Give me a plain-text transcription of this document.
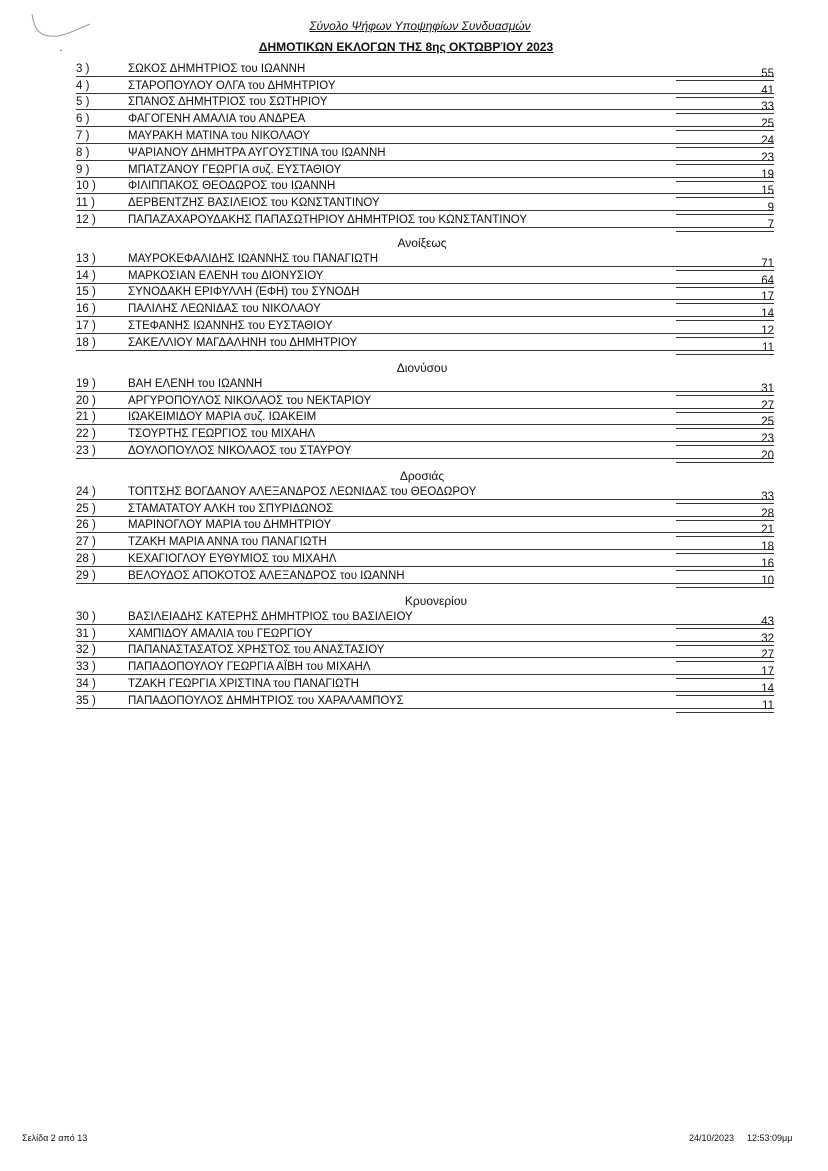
Σύνολο Ψήφων Υποψηφίων Συνδυασμών
ΔΗΜΟΤΙΚΩΝ ΕΚΛΟΓΩΝ ΤΗΣ 8ης ΟΚΤΩΒΡΊΟΥ 2023
3 )	ΣΩΚΟΣ ΔΗΜΗΤΡΙΟΣ του ΙΩΑΝΝΗ	55
4 )	ΣΤΑΡΟΠΟΥΛΟΥ ΟΛΓΑ του ΔΗΜΗΤΡΙΟΥ	41
5 )	ΣΠΑΝΟΣ ΔΗΜΗΤΡΙΟΣ του ΣΩΤΗΡΙΟΥ	33
6 )	ΦΑΓΟΓΕΝΗ ΑΜΑΛΙΑ του ΑΝΔΡΕΑ	25
7 )	ΜΑΥΡΑΚΗ ΜΑΤΙΝΑ του ΝΙΚΟΛΑΟΥ	24
8 )	ΨΑΡΙΑΝΟΥ ΔΗΜΗΤΡΑ ΑΥΓΟΥΣΤΙΝΑ του ΙΩΑΝΝΗ	23
9 )	ΜΠΑΤΖΑΝΟΥ ΓΕΩΡΓΙΑ συζ. ΕΥΣΤΑΘΙΟΥ	19
10 )	ΦΙΛΙΠΠΑΚΟΣ ΘΕΟΔΩΡΟΣ του ΙΩΑΝΝΗ	15
11 )	ΔΕΡΒΕΝΤΖΗΣ ΒΑΣΙΛΕΙΟΣ του ΚΩΝΣΤΑΝΤΙΝΟΥ	9
12 )	ΠΑΠΑΖΑΧΑΡΟΥΔΑΚΗΣ ΠΑΠΑΣΩΤΗΡΙΟΥ ΔΗΜΗΤΡΙΟΣ του ΚΩΝΣΤΑΝΤΙΝΟΥ	7
Ανοίξεως
13 )	ΜΑΥΡΟΚΕΦΑΛΙΔΗΣ ΙΩΑΝΝΗΣ του ΠΑΝΑΓΙΩΤΗ	71
14 )	ΜΑΡΚΟΣΙΑΝ ΕΛΕΝΗ του ΔΙΟΝΥΣΙΟΥ	64
15 )	ΣΥΝΟΔΑΚΗ ΕΡΙΦΥΛΛΗ (ΕΦΗ) του ΣΥΝΟΔΗ	17
16 )	ΠΑΛΙΛΗΣ ΛΕΩΝΙΔΑΣ του ΝΙΚΟΛΑΟΥ	14
17 )	ΣΤΕΦΑΝΗΣ ΙΩΑΝΝΗΣ του ΕΥΣΤΑΘΙΟΥ	12
18 )	ΣΑΚΕΛΛΙΟΥ ΜΑΓΔΑΛΗΝΗ του ΔΗΜΗΤΡΙΟΥ	11
Διονύσου
19 )	ΒΑΗ ΕΛΕΝΗ του ΙΩΑΝΝΗ	31
20 )	ΑΡΓΥΡΟΠΟΥΛΟΣ ΝΙΚΟΛΑΟΣ του ΝΕΚΤΑΡΙΟΥ	27
21 )	ΙΩΑΚΕΙΜΙΔΟΥ ΜΑΡΙΑ συζ. ΙΩΑΚΕΙΜ	25
22 )	ΤΣΟΥΡΤΗΣ ΓΕΩΡΓΙΟΣ του ΜΙΧΑΗΛ	23
23 )	ΔΟΥΛΟΠΟΥΛΟΣ ΝΙΚΟΛΑΟΣ του ΣΤΑΥΡΟΥ	20
Δροσιάς
24 )	ΤΟΠΤΣΗΣ ΒΟΓΔΑΝΟΥ ΑΛΕΞΑΝΔΡΟΣ ΛΕΩΝΙΔΑΣ του ΘΕΟΔΩΡΟΥ	33
25 )	ΣΤΑΜΑΤΑΤΟΥ ΑΛΚΗ του ΣΠΥΡΙΔΩΝΟΣ	28
26 )	ΜΑΡΙΝΟΓΛΟΥ ΜΑΡΙΑ του ΔΗΜΗΤΡΙΟΥ	21
27 )	ΤΖΑΚΗ ΜΑΡΙΑ ΑΝΝΑ του ΠΑΝΑΓΙΩΤΗ	18
28 )	ΚΕΧΑΓΙΟΓΛΟΥ ΕΥΘΥΜΙΟΣ του ΜΙΧΑΗΛ	16
29 )	ΒΕΛΟΥΔΟΣ ΑΠΟΚΟΤΟΣ ΑΛΕΞΑΝΔΡΟΣ του ΙΩΑΝΝΗ	10
Κρυονερίου
30 )	ΒΑΣΙΛΕΙΑΔΗΣ ΚΑΤΕΡΗΣ ΔΗΜΗΤΡΙΟΣ του ΒΑΣΙΛΕΙΟΥ	43
31 )	ΧΑΜΠΙΔΟΥ ΑΜΑΛΙΑ του ΓΕΩΡΓΙΟΥ	32
32 )	ΠΑΠΑΝΑΣΤΑΣΑΤΟΣ ΧΡΗΣΤΟΣ του ΑΝΑΣΤΑΣΙΟΥ	27
33 )	ΠΑΠΑΔΟΠΟΥΛΟΥ ΓΕΩΡΓΙΑ ΑΪΒΗ του ΜΙΧΑΗΛ	17
34 )	ΤΖΑΚΗ ΓΕΩΡΓΙΑ ΧΡΙΣΤΙΝΑ του ΠΑΝΑΓΙΩΤΗ	14
35 )	ΠΑΠΑΔΟΠΟΥΛΟΣ ΔΗΜΗΤΡΙΟΣ του ΧΑΡΑΛΑΜΠΟΥΣ	11
Σελίδα 2 από 13	24/10/2023 12:53:09μμ
